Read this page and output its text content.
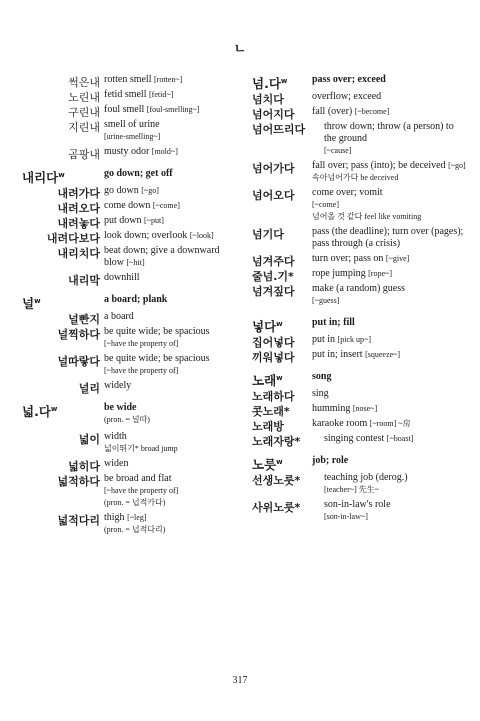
ㄴ
썩은내 rotten smell [rotten~]
노린내 fetid smell [fetid~]
구린내 foul smell [foul-smelling~]
지린내 smell of urine
[urine-smelling~]
곰팡내 musty odor [mold~]
내리다$^w$	go down; get off
내려가다 go down [~go]
내려오다 come down [~come]
내려놓다 put down [~put]
내려다보다 look down; overlook [~look]
내리치다 beat down; give a downward blow [~hit]
내리막 downhill
널$^w$	a board; plank
널빤지 a board
널찍하다 be quite wide; be spacious
[~have the property of]
널따랗다 be quite wide; be spacious
[~have the property of]
널리 widely
넓.다$^w$	be wide
(pron. = 널따)
넓이 width
넓이뛰기* broad jump
넓히다 widen
넓적하다 be broad and flat
[~have the property of]
(pron. = 넙적카다)
넓적다리 thigh [~leg]
(pron. = 넙적다리)
넘.다$^w$ pass over; exceed
넘치다	overflow; exceed
넘어지다 fall (over) [~become]
넘어뜨리다 throw down; throw (a person) to the ground
[~cause]
넘어가다 fall over; pass (into); be deceived [~go]
속아넘어가다 be deceived
넘어오다 come over; vomit
[~come]
넘어올 것 같다 feel like vomiting
넘기다	pass (the deadline); turn over (pages); pass through (a crisis)
넘겨주다 turn over; pass on [~give]
줄넘.기* rope jumping [rope~]
넘겨짚다 make (a random) guess
[~guess]
넣다$^w$	put in; fill
집어넣다 put in [pick up~]
끼워넣다 put in; insert [squeeze~]
노래$^w$	song
노래하다 sing
콧노래* humming [nose~]
노래방	karaoke room [~room] ~房
노래자랑* singing contest [~boast]
노릇$^w$	job; role
선생노릇* teaching job (derog.)
[teacher~] 先生~
사위노릇* son-in-law's role
[son-in-law~]
317
